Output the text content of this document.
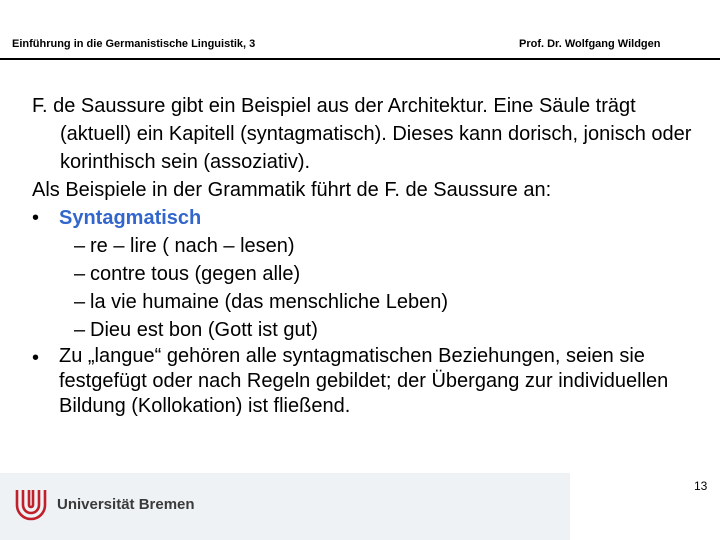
Einführung in die Germanistische Linguistik, 3	Prof. Dr. Wolfgang Wildgen

F. de Saussure gibt ein Beispiel aus der Architektur. Eine Säule trägt (aktuell) ein Kapitell (syntagmatisch). Dieses kann dorisch, jonisch oder korinthisch sein (assoziativ).

Als Beispiele in der Grammatik führt de F. de Saussure an:

• Syntagmatisch
– re – lire ( nach – lesen)
– contre tous (gegen alle)
– la vie humaine (das menschliche Leben)
– Dieu est bon (Gott ist gut)
• Zu „langue“ gehören alle syntagmatischen Beziehungen, seien sie festgefügt oder nach Regeln gebildet; der Übergang zur individuellen Bildung (Kollokation) ist fließend.

Universität Bremen
13
